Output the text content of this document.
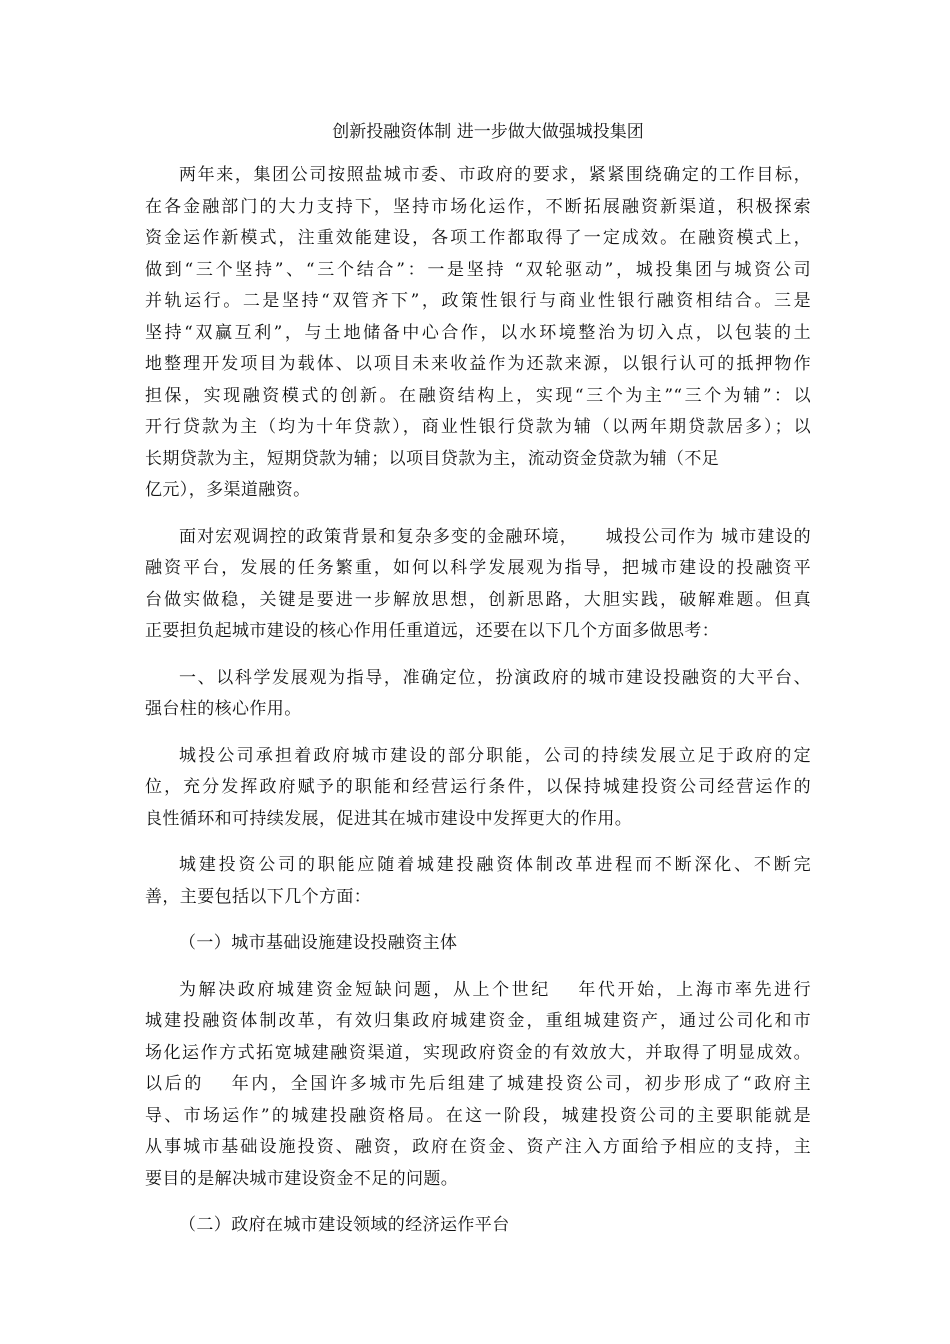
创新投融资体制 进一步做大做强城投集团
两年来，集团公司按照盐城市委、市政府的要求，紧紧围绕确定的工作目标，
在各金融部门的大力支持下，坚持市场化运作，不断拓展融资新渠道，积极探索
资金运作新模式，注重效能建设，各项工作都取得了一定成效。在融资模式上，
做到“三个坚持”、“三个结合”：一是坚持 “双轮驱动”，城投集团与城资公司
并轨运行。二是坚持“双管齐下”，政策性银行与商业性银行融资相结合。三是
坚持“双赢互利”，与土地储备中心合作，以水环境整治为切入点，以包装的土
地整理开发项目为载体、以项目未来收益作为还款来源，以银行认可的抵押物作
担保，实现融资模式的创新。在融资结构上，实现“三个为主”“三个为辅”：以
开行贷款为主（均为十年贷款），商业性银行贷款为辅（以两年期贷款居多）；以
长期贷款为主，短期贷款为辅；以项目贷款为主，流动资金贷款为辅（不足
亿元），多渠道融资。
面对宏观调控的政策背景和复杂多变的金融环境，　　城投公司作为 城市建设的
融资平台，发展的任务繁重，如何以科学发展观为指导，把城市建设的投融资平
台做实做稳，关键是要进一步解放思想，创新思路，大胆实践，破解难题。但真
正要担负起城市建设的核心作用任重道远，还要在以下几个方面多做思考：
一、以科学发展观为指导，准确定位，扮演政府的城市建设投融资的大平台、
强台柱的核心作用。
城投公司承担着政府城市建设的部分职能，公司的持续发展立足于政府的定
位，充分发挥政府赋予的职能和经营运行条件，以保持城建投资公司经营运作的
良性循环和可持续发展，促进其在城市建设中发挥更大的作用。
城建投资公司的职能应随着城建投融资体制改革进程而不断深化、不断完
善，主要包括以下几个方面：
（一）城市基础设施建设投融资主体
为解决政府城建资金短缺问题，从上个世纪　 年代开始，上海市率先进行
城建投融资体制改革，有效归集政府城建资金，重组城建资产，通过公司化和市
场化运作方式拓宽城建融资渠道，实现政府资金的有效放大，并取得了明显成效。
以后的　 年内，全国许多城市先后组建了城建投资公司，初步形成了“政府主
导、市场运作”的城建投融资格局。在这一阶段，城建投资公司的主要职能就是
从事城市基础设施投资、融资，政府在资金、资产注入方面给予相应的支持，主
要目的是解决城市建设资金不足的问题。
（二）政府在城市建设领域的经济运作平台
